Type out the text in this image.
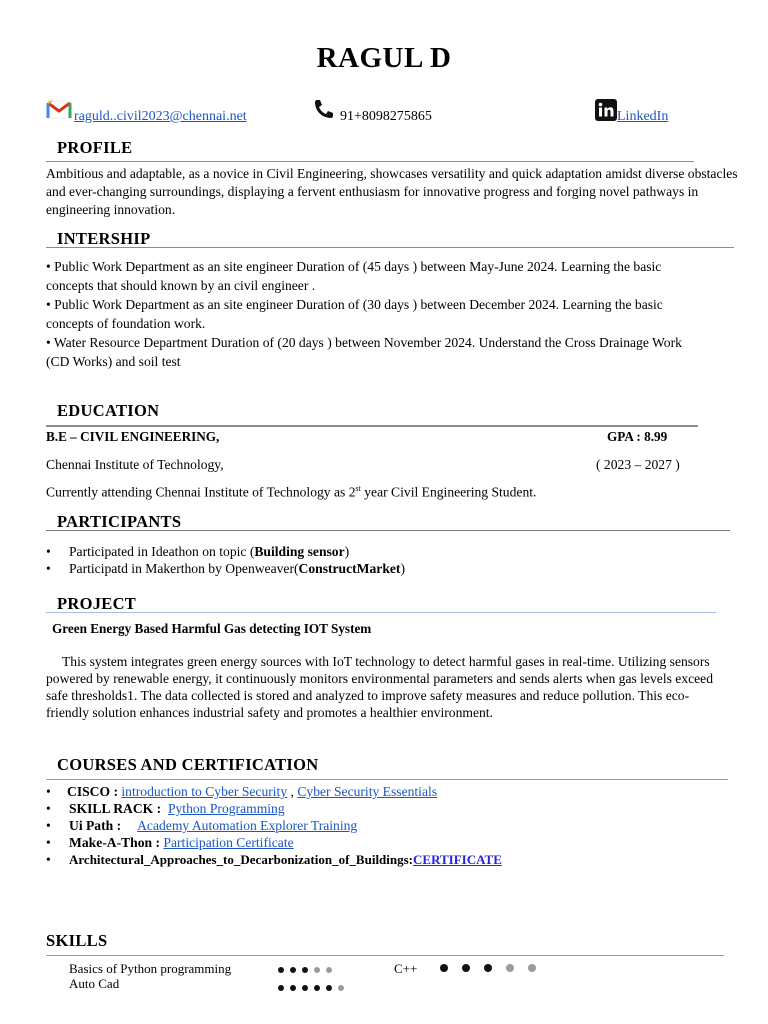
RAGUL D
raguld..civil2023@chennai.net	91+8098275865	LinkedIn
PROFILE
Ambitious and adaptable, as a novice in Civil Engineering, showcases versatility and quick adaptation amidst diverse obstacles and ever-changing surroundings, displaying a fervent enthusiasm for innovative progress and forging novel pathways in engineering innovation.
INTERSHIP
• Public Work Department as an site engineer Duration of (45 days ) between May-June 2024. Learning the basic concepts that should known by an civil engineer .
• Public Work Department as an site engineer Duration of (30 days ) between December 2024. Learning the basic concepts of foundation work.
• Water Resource Department Duration of (20 days ) between November 2024. Understand the Cross Drainage Work (CD Works) and soil test
EDUCATION
B.E – CIVIL ENGINEERING,	GPA : 8.99
Chennai Institute of Technology,	( 2023 – 2027 )
Currently attending Chennai Institute of Technology as 2st year Civil Engineering Student.
PARTICIPANTS
• Participated in Ideathon on topic (Building sensor)
• Participatd in Makerthon by Openweaver(ConstructMarket)
PROJECT
Green Energy Based Harmful Gas detecting IOT System
This system integrates green energy sources with IoT technology to detect harmful gases in real-time. Utilizing sensors powered by renewable energy, it continuously monitors environmental parameters and sends alerts when gas levels exceed safe thresholds1. The data collected is stored and analyzed to improve safety measures and reduce pollution. This eco-friendly solution enhances industrial safety and promotes a healthier environment.
COURSES AND CERTIFICATION
• CISCO : introduction to Cyber Security , Cyber Security Essentials
• SKILL RACK : Python Programming
• Ui Path : Academy Automation Explorer Training
• Make-A-Thon : Participation Certificate
• Architectural_Approaches_to_Decarbonization_of_Buildings:CERTIFICATE
SKILLS
Basics of Python programming	C++
Auto Cad
